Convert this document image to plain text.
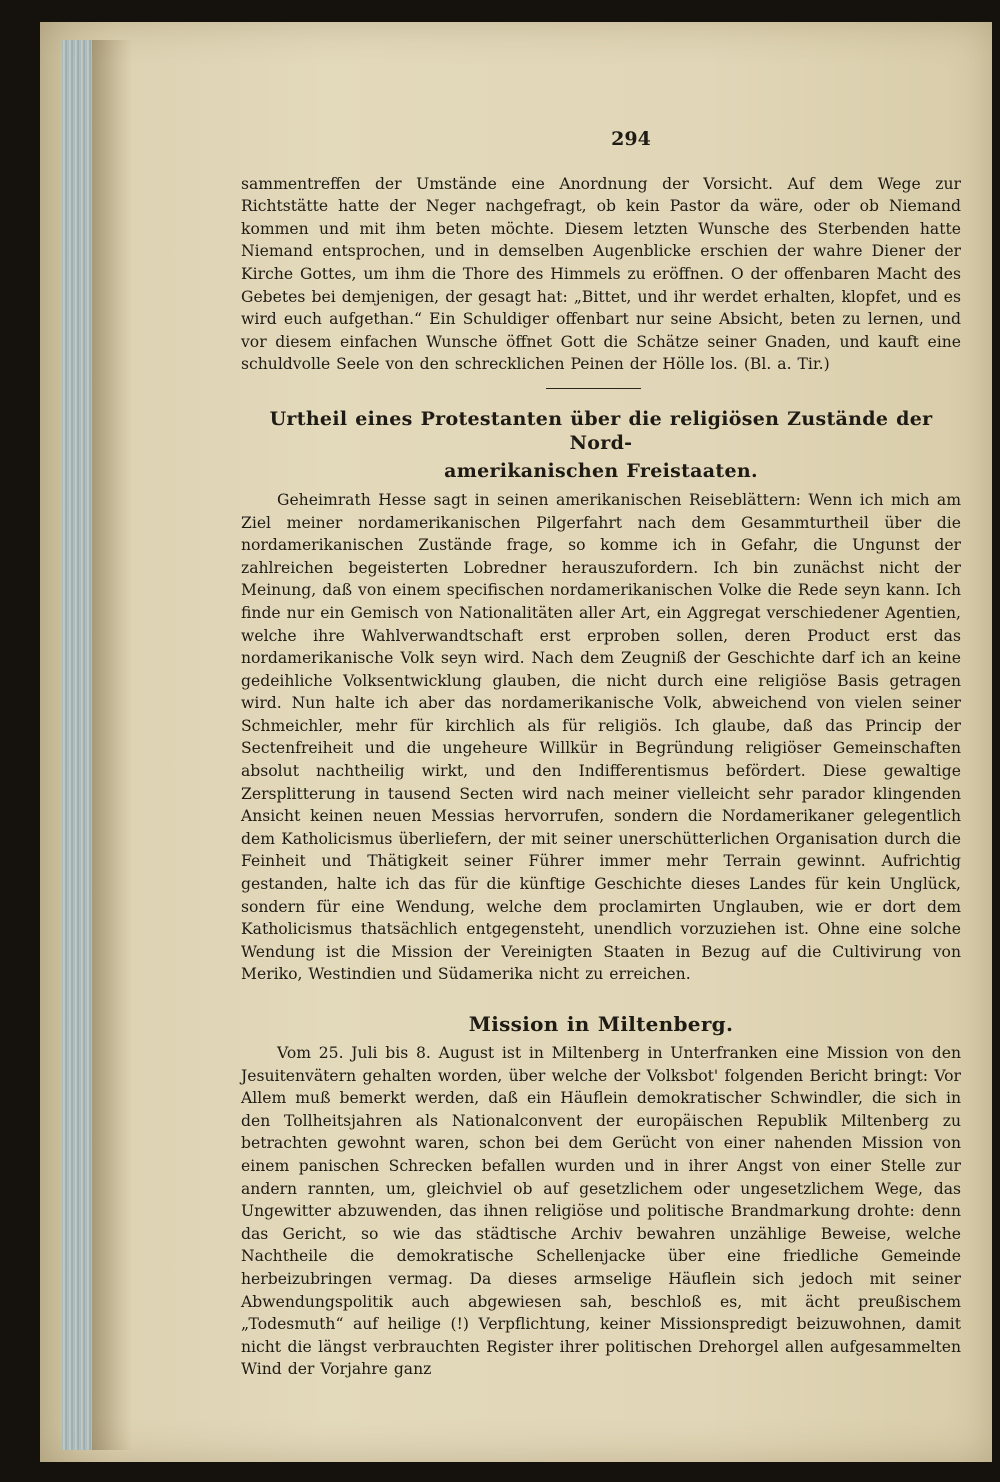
294

sammentreffen der Umstände eine Anordnung der Vorsicht. Auf dem Wege zur Richtstätte hatte der Neger nachgefragt, ob kein Pastor da wäre, oder ob Niemand kommen und mit ihm beten möchte. Diesem letzten Wunsche des Sterbenden hatte Niemand entsprochen, und in demselben Augenblicke erschien der wahre Diener der Kirche Gottes, um ihm die Thore des Himmels zu eröffnen. O der offenbaren Macht des Gebetes bei demjenigen, der gesagt hat: „Bittet, und ihr werdet erhalten, klopfet, und es wird euch aufgethan.“ Ein Schuldiger offenbart nur seine Absicht, beten zu lernen, und vor diesem einfachen Wunsche öffnet Gott die Schätze seiner Gnaden, und kauft eine schuldvolle Seele von den schrecklichen Peinen der Hölle los. (Bl. a. Tir.)

Urtheil eines Protestanten über die religiösen Zustände der Nord-
amerikanischen Freistaaten.

Geheimrath Hesse sagt in seinen amerikanischen Reiseblättern: Wenn ich mich am Ziel meiner nordamerikanischen Pilgerfahrt nach dem Gesammturtheil über die nordamerikanischen Zustände frage, so komme ich in Gefahr, die Ungunst der zahlreichen begeisterten Lobredner herauszufordern. Ich bin zunächst nicht der Meinung, daß von einem specifischen nordamerikanischen Volke die Rede seyn kann. Ich finde nur ein Gemisch von Nationalitäten aller Art, ein Aggregat verschiedener Agentien, welche ihre Wahlverwandtschaft erst erproben sollen, deren Product erst das nordamerikanische Volk seyn wird. Nach dem Zeugniß der Geschichte darf ich an keine gedeihliche Volksentwicklung glauben, die nicht durch eine religiöse Basis getragen wird. Nun halte ich aber das nordamerikanische Volk, abweichend von vielen seiner Schmeichler, mehr für kirchlich als für religiös. Ich glaube, daß das Princip der Sectenfreiheit und die ungeheure Willkür in Begründung religiöser Gemeinschaften absolut nachtheilig wirkt, und den Indifferentismus befördert. Diese gewaltige Zersplitterung in tausend Secten wird nach meiner vielleicht sehr parador klingenden Ansicht keinen neuen Messias hervorrufen, sondern die Nordamerikaner gelegentlich dem Katholicismus überliefern, der mit seiner unerschütterlichen Organisation durch die Feinheit und Thätigkeit seiner Führer immer mehr Terrain gewinnt. Aufrichtig gestanden, halte ich das für die künftige Geschichte dieses Landes für kein Unglück, sondern für eine Wendung, welche dem proclamirten Unglauben, wie er dort dem Katholicismus thatsächlich entgegensteht, unendlich vorzuziehen ist. Ohne eine solche Wendung ist die Mission der Vereinigten Staaten in Bezug auf die Cultivirung von Meriko, Westindien und Südamerika nicht zu erreichen.

Mission in Miltenberg.

Vom 25. Juli bis 8. August ist in Miltenberg in Unterfranken eine Mission von den Jesuitenvätern gehalten worden, über welche der Volksbot' folgenden Bericht bringt: Vor Allem muß bemerkt werden, daß ein Häuflein demokratischer Schwindler, die sich in den Tollheitsjahren als Nationalconvent der europäischen Republik Miltenberg zu betrachten gewohnt waren, schon bei dem Gerücht von einer nahenden Mission von einem panischen Schrecken befallen wurden und in ihrer Angst von einer Stelle zur andern rannten, um, gleichviel ob auf gesetzlichem oder ungesetzlichem Wege, das Ungewitter abzuwenden, das ihnen religiöse und politische Brandmarkung drohte: denn das Gericht, so wie das städtische Archiv bewahren unzählige Beweise, welche Nachtheile die demokratische Schellenjacke über eine friedliche Gemeinde herbeizubringen vermag. Da dieses armselige Häuflein sich jedoch mit seiner Abwendungspolitik auch abgewiesen sah, beschloß es, mit ächt preußischem „Todesmuth“ auf heilige (!) Verpflichtung, keiner Missionspredigt beizuwohnen, damit nicht die längst verbrauchten Register ihrer politischen Drehorgel allen aufgesammelten Wind der Vorjahre ganz
